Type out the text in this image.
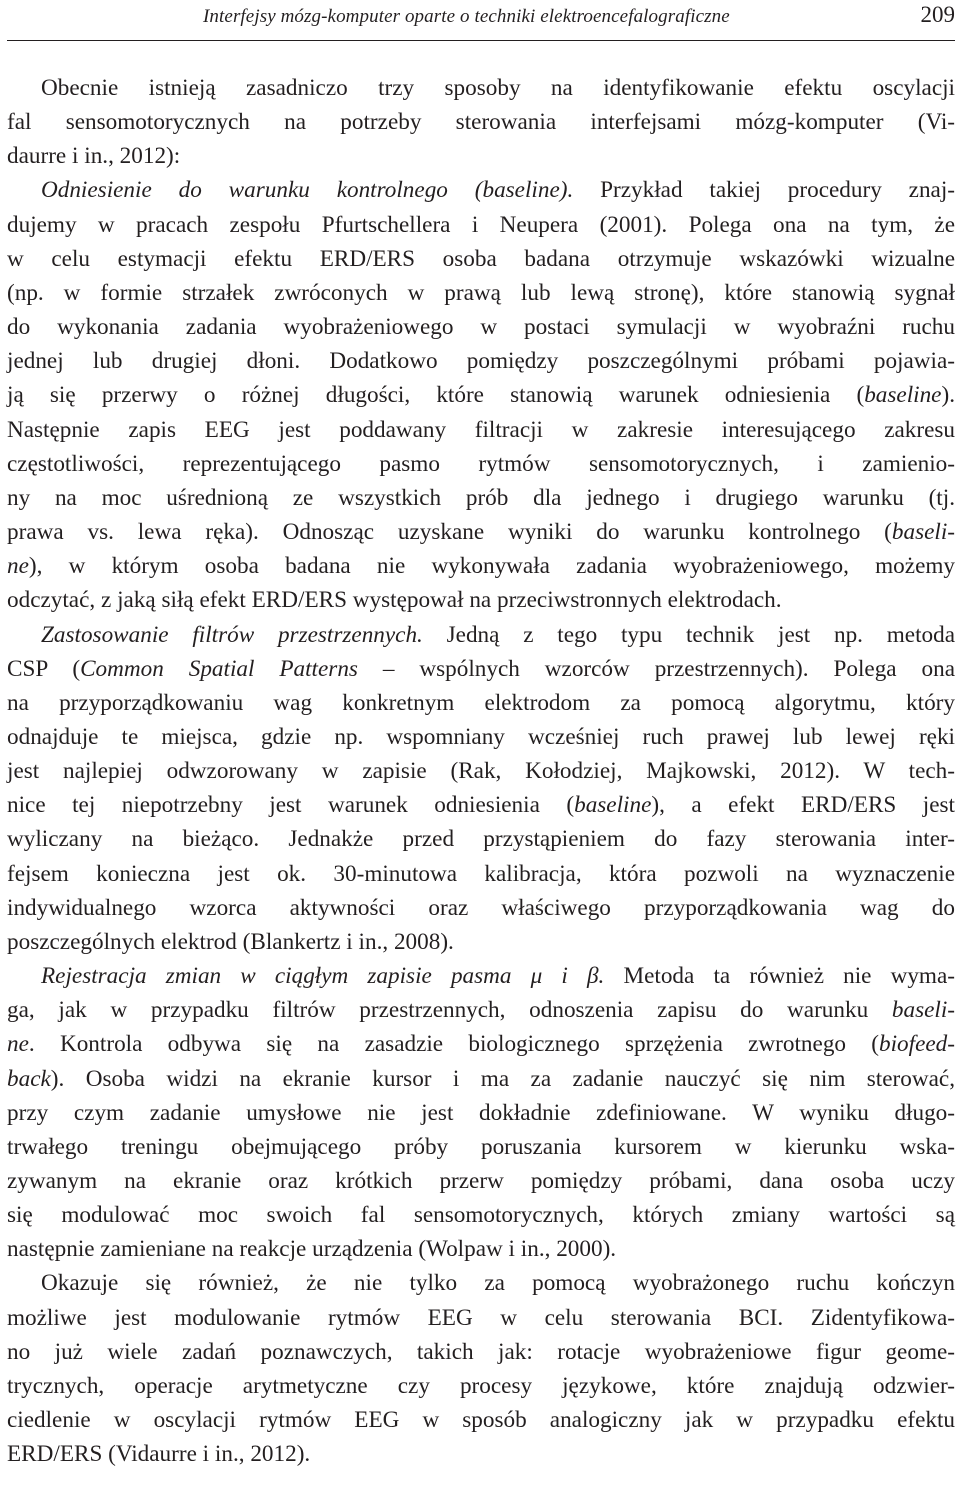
Interfejsy mózg-komputer oparte o techniki elektroencefalograficzne	209
Obecnie istnieją zasadniczo trzy sposoby na identyfikowanie efektu oscylacji
fal sensomotorycznych na potrzeby sterowania interfejsami mózg-komputer (Vi-
daurre i in., 2012):
Odniesienie do warunku kontrolnego (baseline). Przykład takiej procedury znaj-
dujemy w pracach zespołu Pfurtschellera i Neupera (2001). Polega ona na tym, że
w celu estymacji efektu ERD/ERS osoba badana otrzymuje wskazówki wizualne
(np. w formie strzałek zwróconych w prawą lub lewą stronę), które stanowią sygnał
do wykonania zadania wyobrażeniowego w postaci symulacji w wyobraźni ruchu
jednej lub drugiej dłoni. Dodatkowo pomiędzy poszczególnymi próbami pojawia-
ją się przerwy o różnej długości, które stanowią warunek odniesienia (baseline).
Następnie zapis EEG jest poddawany filtracji w zakresie interesującego zakresu
częstotliwości, reprezentującego pasmo rytmów sensomotorycznych, i zamienio-
ny na moc uśrednioną ze wszystkich prób dla jednego i drugiego warunku (tj.
prawa vs. lewa ręka). Odnosząc uzyskane wyniki do warunku kontrolnego (baseli-
ne), w którym osoba badana nie wykonywała zadania wyobrażeniowego, możemy
odczytać, z jaką siłą efekt ERD/ERS występował na przeciwstronnych elektrodach.
Zastosowanie filtrów przestrzennych. Jedną z tego typu technik jest np. metoda
CSP (Common Spatial Patterns – wspólnych wzorców przestrzennych). Polega ona
na przyporządkowaniu wag konkretnym elektrodom za pomocą algorytmu, który
odnajduje te miejsca, gdzie np. wspomniany wcześniej ruch prawej lub lewej ręki
jest najlepiej odwzorowany w zapisie (Rak, Kołodziej, Majkowski, 2012). W tech-
nice tej niepotrzebny jest warunek odniesienia (baseline), a efekt ERD/ERS jest
wyliczany na bieżąco. Jednakże przed przystąpieniem do fazy sterowania inter-
fejsem konieczna jest ok. 30-minutowa kalibracja, która pozwoli na wyznaczenie
indywidualnego wzorca aktywności oraz właściwego przyporządkowania wag do
poszczególnych elektrod (Blankertz i in., 2008).
Rejestracja zmian w ciągłym zapisie pasma μ i β. Metoda ta również nie wyma-
ga, jak w przypadku filtrów przestrzennych, odnoszenia zapisu do warunku baseli-
ne. Kontrola odbywa się na zasadzie biologicznego sprzężenia zwrotnego (biofeed-
back). Osoba widzi na ekranie kursor i ma za zadanie nauczyć się nim sterować,
przy czym zadanie umysłowe nie jest dokładnie zdefiniowane. W wyniku długo-
trwałego treningu obejmującego próby poruszania kursorem w kierunku wska-
zywanym na ekranie oraz krótkich przerw pomiędzy próbami, dana osoba uczy
się modulować moc swoich fal sensomotorycznych, których zmiany wartości są
następnie zamieniane na reakcje urządzenia (Wolpaw i in., 2000).
Okazuje się również, że nie tylko za pomocą wyobrażonego ruchu kończyn
możliwe jest modulowanie rytmów EEG w celu sterowania BCI. Zidentyfikowa-
no już wiele zadań poznawczych, takich jak: rotacje wyobrażeniowe figur geome-
trycznych, operacje arytmetyczne czy procesy językowe, które znajdują odzwier-
ciedlenie w oscylacji rytmów EEG w sposób analogiczny jak w przypadku efektu
ERD/ERS (Vidaurre i in., 2012).
